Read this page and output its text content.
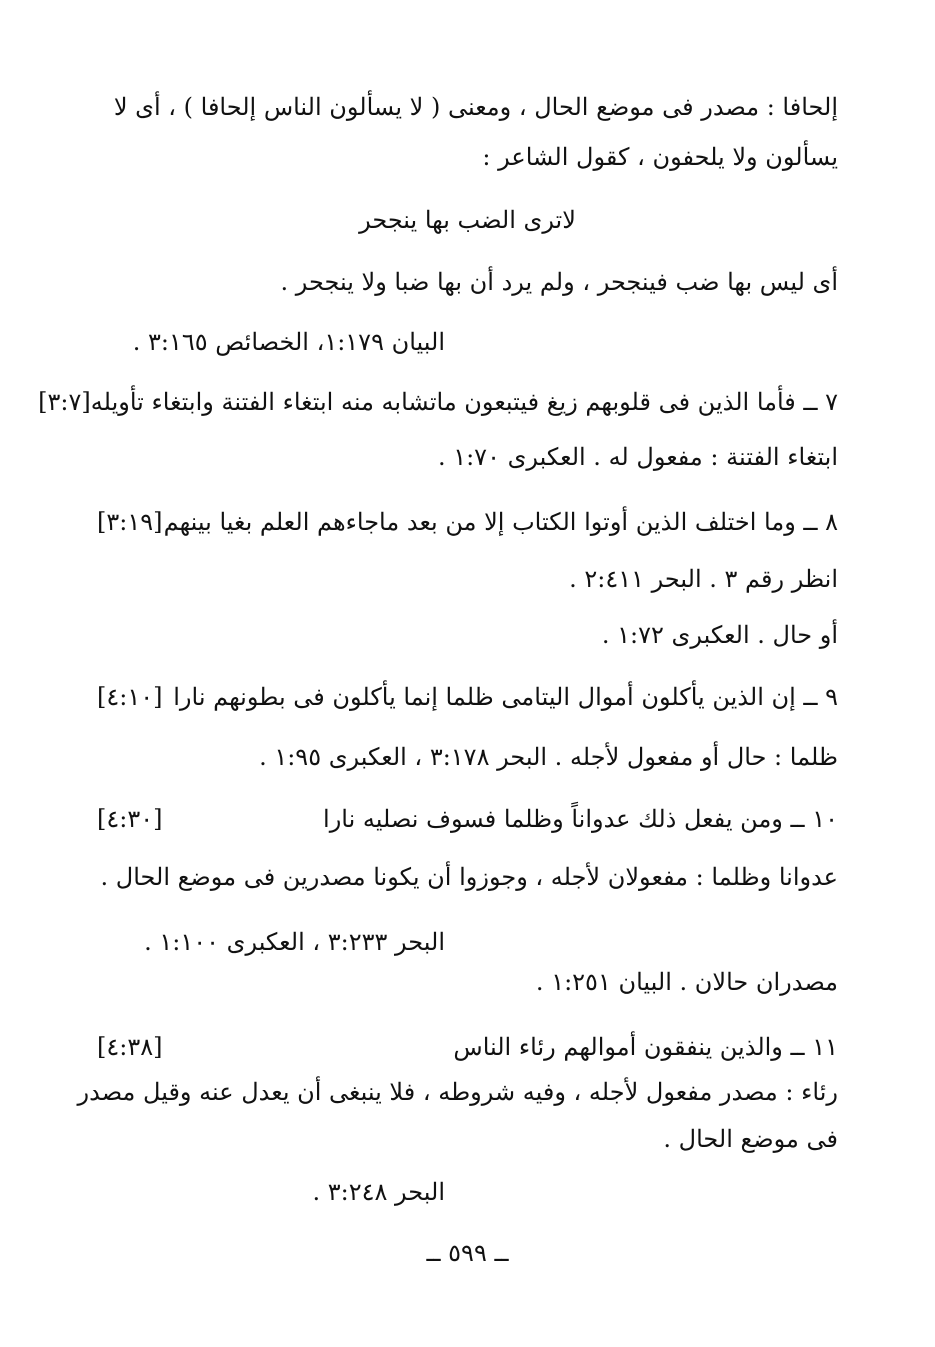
إلحافا : مصدر فى موضع الحال ، ومعنى ( لا يسألون الناس إلحافا ) ، أى لا
يسألون ولا يلحفون ، كقول الشاعر :
لاترى الضب بها ينجحر
أى ليس بها ضب فينجحر ، ولم يرد أن بها ضبا ولا ينجحر .
البيان ١:١٧٩، الخصائص ٣:١٦٥ .
٧ ــ فأما الذين فى قلوبهم زيغ فيتبعون ماتشابه منه ابتغاء الفتنة وابتغاء تأويله
[٣:٧]
ابتغاء الفتنة : مفعول له . العكبرى ١:٧٠ .
٨ ــ وما اختلف الذين أوتوا الكتاب إلا من بعد ماجاءهم العلم بغيا بينهم
[٣:١٩]
انظر رقم ٣ . البحر ٢:٤١١ .
أو حال . العكبرى ١:٧٢ .
٩ ــ إن الذين يأكلون أموال اليتامى ظلما إنما يأكلون فى بطونهم نارا
[٤:١٠]
ظلما : حال أو مفعول لأجله . البحر ٣:١٧٨ ، العكبرى ١:٩٥ .
١٠ ــ ومن يفعل ذلك عدواناً وظلما فسوف نصليه نارا
[٤:٣٠]
عدوانا وظلما : مفعولان لأجله ، وجوزوا أن يكونا مصدرين فى موضع الحال .
البحر ٣:٢٣٣ ، العكبرى ١:١٠٠ .
مصدران حالان . البيان ١:٢٥١ .
١١ ــ والذين ينفقون أموالهم رئاء الناس
[٤:٣٨]
رئاء : مصدر مفعول لأجله ، وفيه شروطه ، فلا ينبغى أن يعدل عنه وقيل مصدر
فى موضع الحال .
البحر ٣:٢٤٨ .
ــ ٥٩٩ ــ
